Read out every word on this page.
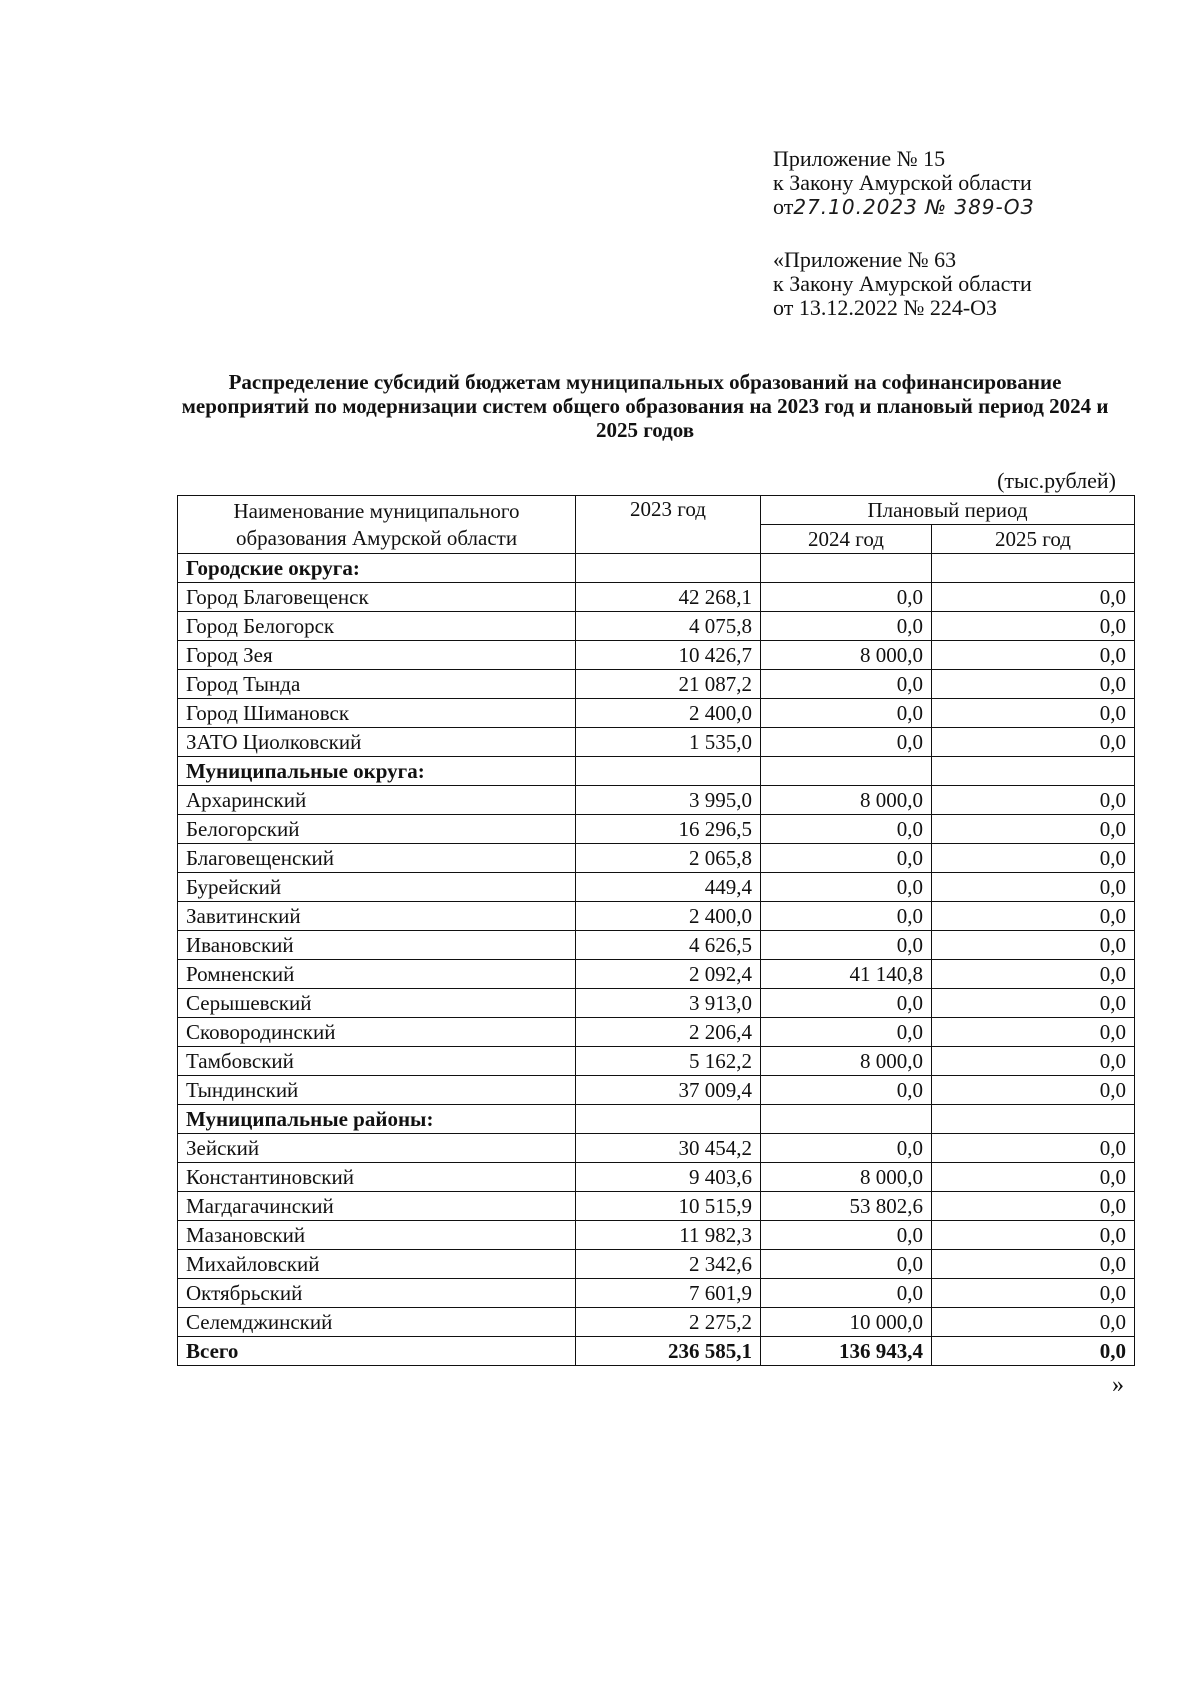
Приложение № 15
к Закону Амурской области
от27.10.2023 № 389-ОЗ
«Приложение № 63
к Закону Амурской области
от 13.12.2022 № 224-ОЗ
Распределение субсидий бюджетам муниципальных образований на софинансирование мероприятий по модернизации систем общего образования на 2023 год и плановый период 2024 и 2025 годов
(тыс.рублей)
Наименование муниципального
образования Амурской области	2023 год	Плановый период	
		2024 год	2025 год
Городские округа:			
Город Благовещенск	42 268,1	0,0	0,0
Город Белогорск	4 075,8	0,0	0,0
Город Зея	10 426,7	8 000,0	0,0
Город Тында	21 087,2	0,0	0,0
Город Шимановск	2 400,0	0,0	0,0
ЗАТО Циолковский	1 535,0	0,0	0,0
Муниципальные округа:			
Архаринский	3 995,0	8 000,0	0,0
Белогорский	16 296,5	0,0	0,0
Благовещенский	2 065,8	0,0	0,0
Бурейский	449,4	0,0	0,0
Завитинский	2 400,0	0,0	0,0
Ивановский	4 626,5	0,0	0,0
Ромненский	2 092,4	41 140,8	0,0
Серышевский	3 913,0	0,0	0,0
Сковородинский	2 206,4	0,0	0,0
Тамбовский	5 162,2	8 000,0	0,0
Тындинский	37 009,4	0,0	0,0
Муниципальные районы:			
Зейский	30 454,2	0,0	0,0
Константиновский	9 403,6	8 000,0	0,0
Магдагачинский	10 515,9	53 802,6	0,0
Мазановский	11 982,3	0,0	0,0
Михайловский	2 342,6	0,0	0,0
Октябрьский	7 601,9	0,0	0,0
Селемджинский	2 275,2	10 000,0	0,0
Всего	236 585,1	136 943,4	0,0
»
